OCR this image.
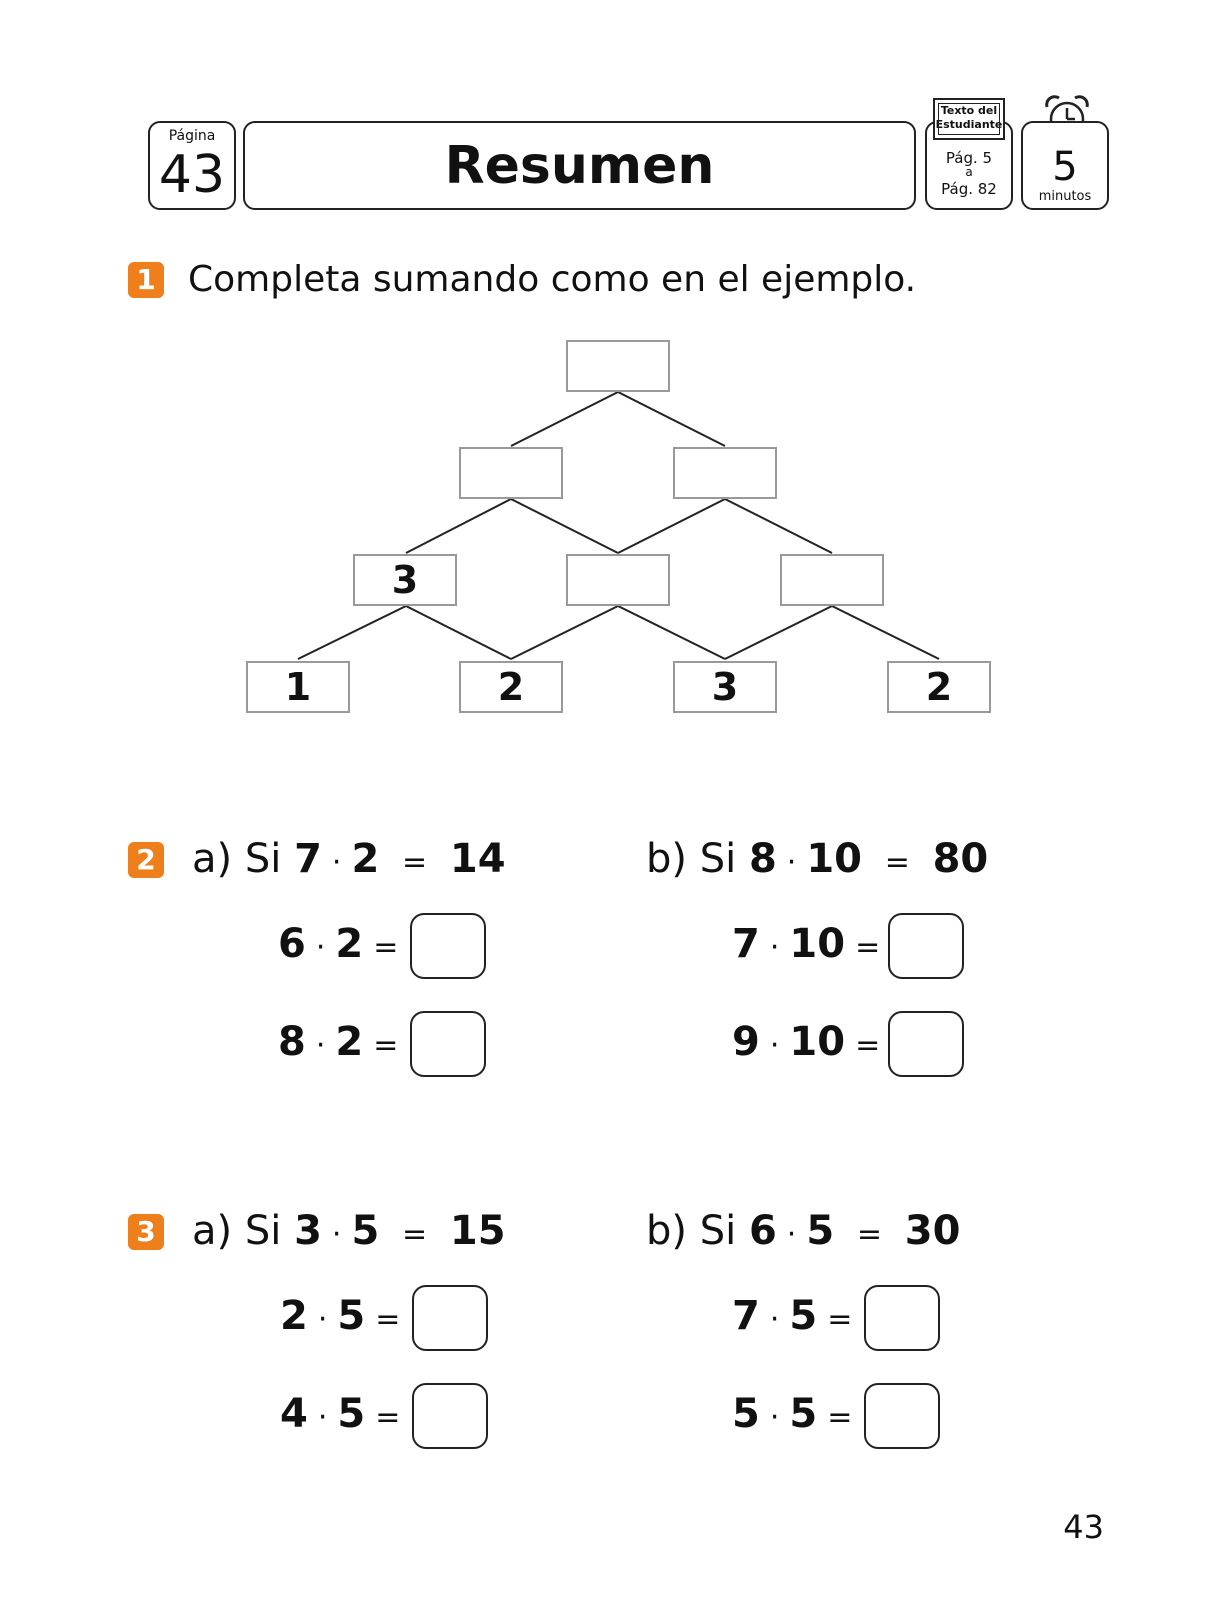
Página
43	Resumen
Texto del
Estudiante
Pág. 5
a
Pág. 82	5
minutos
1 Completa sumando como en el ejemplo.
3
1	2	3	2
2 a) Si 7 · 2 = 14
6 · 2 =
8 · 2 =
b) Si 8 · 10 = 80
7 · 10 =
9 · 10 =
3 a) Si 3 · 5 = 15
2 · 5 =
4 · 5 =
b) Si 6 · 5 = 30
7 · 5 =
5 · 5 =
43
